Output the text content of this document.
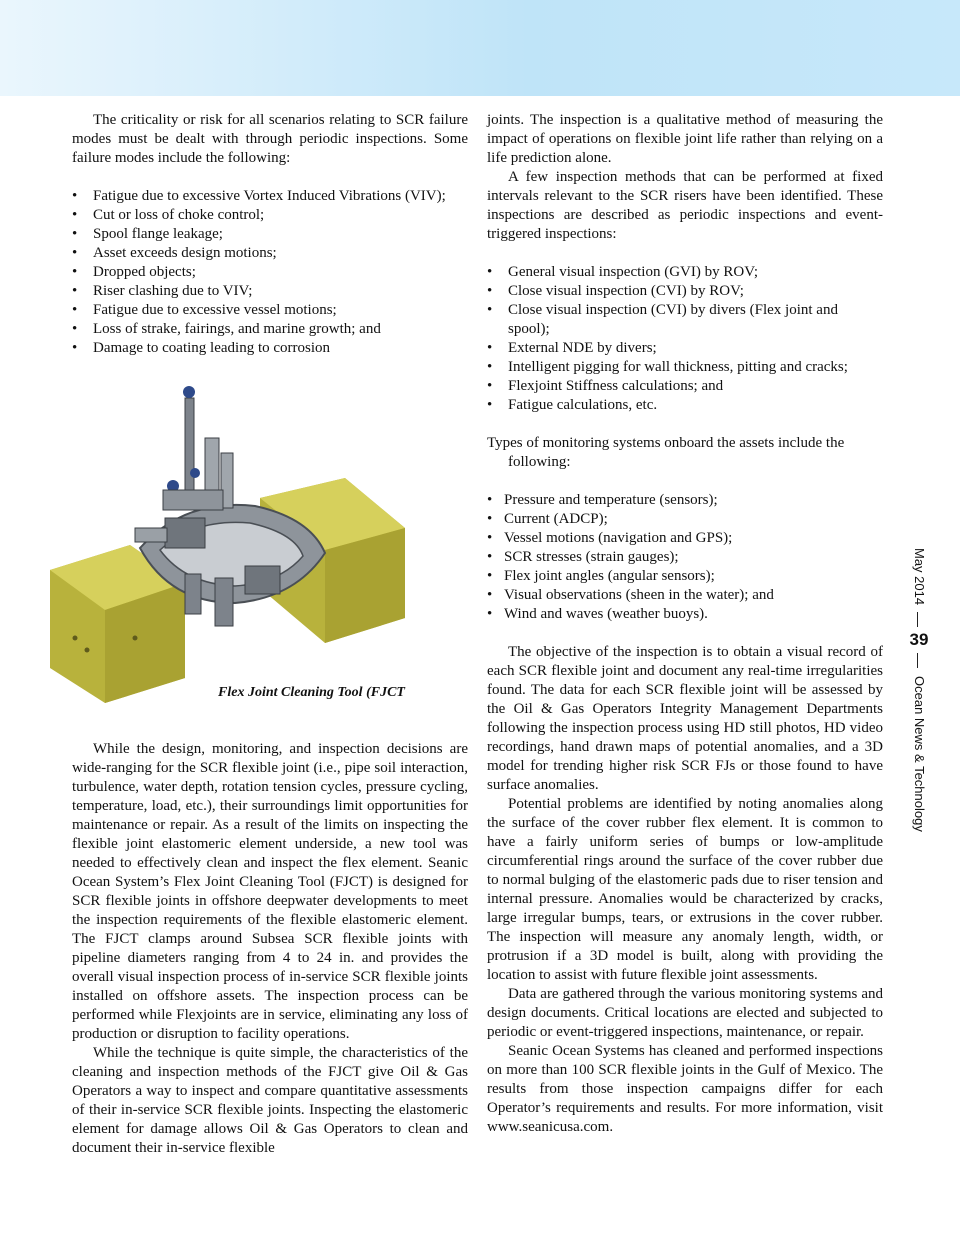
The criticality or risk for all scenarios relating to SCR failure modes must be dealt with through periodic inspections. Some failure modes include the following:

• Fatigue due to excessive Vortex Induced Vibrations (VIV);
• Cut or loss of choke control;
• Spool flange leakage;
• Asset exceeds design motions;
• Dropped objects;
• Riser clashing due to VIV;
• Fatigue due to excessive vessel motions;
• Loss of strake, fairings, and marine growth; and
• Damage to coating leading to corrosion
Flex Joint Cleaning Tool (FJCT

While the design, monitoring, and inspection decisions are wide-ranging for the SCR flexible joint (i.e., pipe soil interaction, turbulence, water depth, rotation tension cycles, pressure cycling, temperature, load, etc.), their surroundings limit opportunities for maintenance or repair. As a result of the limits on inspecting the flexible joint elastomeric element underside, a new tool was needed to effectively clean and inspect the flex element. Seanic Ocean System’s Flex Joint Cleaning Tool (FJCT) is designed for SCR flexible joints in offshore deepwater developments to meet the inspection requirements of the flexible elastomeric element. The FJCT clamps around Subsea SCR flexible joints with pipeline diameters ranging from 4 to 24 in. and provides the overall visual inspection process of in-service SCR flexible joints installed on offshore assets. The inspection process can be performed while Flexjoints are in service, eliminating any loss of production or disruption to facility operations.

While the technique is quite simple, the characteristics of the cleaning and inspection methods of the FJCT give Oil & Gas Operators a way to inspect and compare quantitative assessments of their in-service SCR flexible joints. Inspecting the elastomeric element for damage allows Oil & Gas Operators to clean and document their in-service flexible

joints. The inspection is a qualitative method of measuring the impact of operations on flexible joint life rather than relying on a life prediction alone.

A few inspection methods that can be performed at fixed intervals relevant to the SCR risers have been identified. These inspections are described as periodic inspections and event-triggered inspections:

• General visual inspection (GVI) by ROV;
• Close visual inspection (CVI) by ROV;
• Close visual inspection (CVI) by divers (Flex joint and spool);
• External NDE by divers;
• Intelligent pigging for wall thickness, pitting and cracks;
• Flexjoint Stiffness calculations; and
• Fatigue calculations, etc.

Types of monitoring systems onboard the assets include the following:

• Pressure and temperature (sensors);
• Current (ADCP);
• Vessel motions (navigation and GPS);
• SCR stresses (strain gauges);
• Flex joint angles (angular sensors);
• Visual observations (sheen in the water); and
• Wind and waves (weather buoys).

The objective of the inspection is to obtain a visual record of each SCR flexible joint and document any real-time irregularities found. The data for each SCR flexible joint will be assessed by the Oil & Gas Operators Integrity Management Departments following the inspection process using HD still photos, HD video recordings, hand drawn maps of potential anomalies, and a 3D model for trending higher risk SCR FJs or those found to have surface anomalies.

Potential problems are identified by noting anomalies along the surface of the cover rubber flex element. It is common to have a fairly uniform series of bumps or low-amplitude circumferential rings around the surface of the cover rubber due to normal bulging of the elastomeric pads due to riser tension and internal pressure. Anomalies would be characterized by cracks, large irregular bumps, tears, or extrusions in the cover rubber. The inspection will measure any anomaly length, width, or protrusion if a 3D model is built, along with providing the location to assist with future flexible joint assessments.

Data are gathered through the various monitoring systems and design documents. Critical locations are elected and subjected to periodic or event-triggered inspections, maintenance, or repair.

Seanic Ocean Systems has cleaned and performed inspections on more than 100 SCR flexible joints in the Gulf of Mexico. The results from those inspection campaigns differ for each Operator’s requirements and results. For more information, visit www.seanicusa.com.

May 2014
39
Ocean News & Technology
